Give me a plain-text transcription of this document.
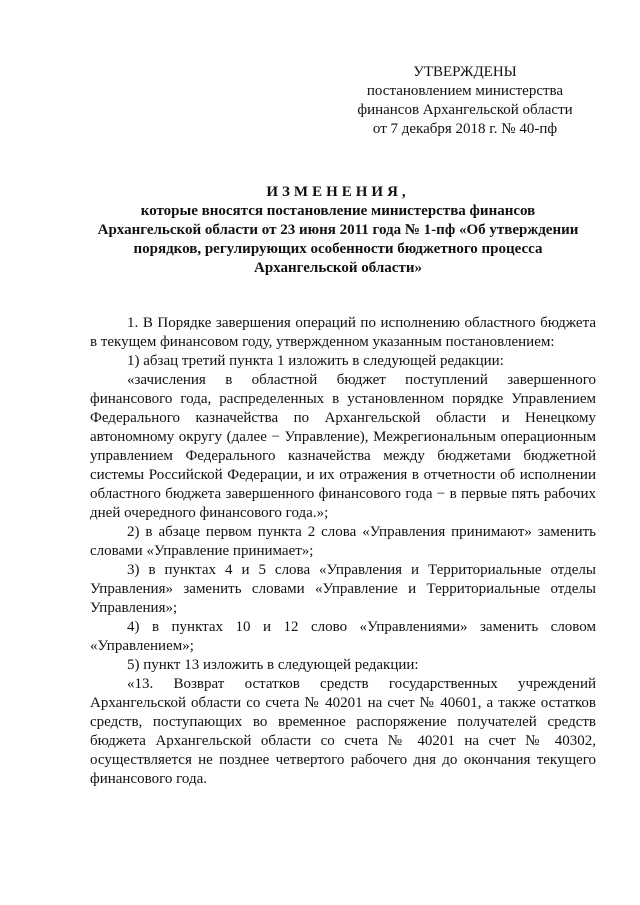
УТВЕРЖДЕНЫ
постановлением министерства
финансов Архангельской области
от 7 декабря 2018 г. № 40-пф
ИЗМЕНЕНИЯ,
которые вносятся постановление министерства финансов
Архангельской области от 23 июня 2011 года № 1-пф «Об утверждении
порядков, регулирующих особенности бюджетного процесса
Архангельской области»

1. В Порядке завершения операций по исполнению областного бюджета в текущем финансовом году, утвержденном указанным постановлением:

1) абзац третий пункта 1 изложить в следующей редакции:

«зачисления в областной бюджет поступлений завершенного финансового года, распределенных в установленном порядке Управлением Федерального казначейства по Архангельской области и Ненецкому автономному округу (далее − Управление), Межрегиональным операционным управлением Федерального казначейства между бюджетами бюджетной системы Российской Федерации, и их отражения в отчетности об исполнении областного бюджета завершенного финансового года − в первые пять рабочих дней очередного финансового года.»;

2) в абзаце первом пункта 2 слова «Управления принимают» заменить словами «Управление принимает»;

3) в пунктах 4 и 5 слова «Управления и Территориальные отделы Управления» заменить словами «Управление и Территориальные отделы Управления»;

4) в пунктах 10 и 12 слово «Управлениями» заменить словом «Управлением»;

5) пункт 13 изложить в следующей редакции:

«13. Возврат остатков средств государственных учреждений Архангельской области со счета № 40201 на счет № 40601, а также остатков средств, поступающих во временное распоряжение получателей средств бюджета Архангельской области со счета № 40201 на счет № 40302, осуществляется не позднее четвертого рабочего дня до окончания текущего финансового года.
